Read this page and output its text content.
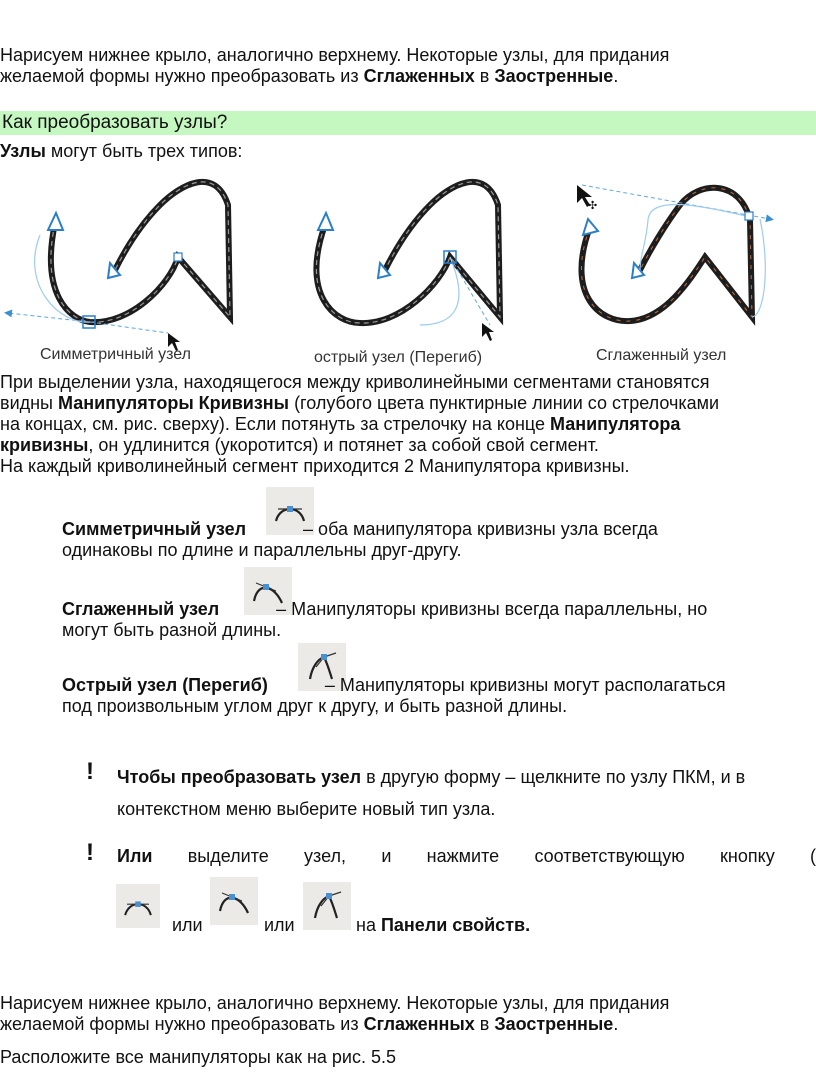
Нарисуем нижнее крыло, аналогично верхнему. Некоторые узлы, для придания

желаемой формы нужно преобразовать из Сглаженных в Заостренные.

Как преобразовать узлы?

Узлы могут быть трех типов:

✣
Симметричный узел	острый узел (Перегиб)	Сглаженный узел

При выделении узла, находящегося между криволинейными сегментами становятся

видны Манипуляторы Кривизны (голубого цвета пунктирные линии со стрелочками

на концах, см. рис. сверху). Если потянуть за стрелочку на конце Манипулятора

кривизны, он удлинится (укоротится) и потянет за собой свой сегмент.

На каждый криволинейный сегмент приходится 2 Манипулятора кривизны.

Симметричный узел	– оба манипулятора кривизны узла всегда

одинаковы по длине и параллельны друг-другу.

Сглаженный узел	– Манипуляторы кривизны всегда параллельны, но

могут быть разной длины.

Острый узел (Перегиб)	– Манипуляторы кривизны могут располагаться

под произвольным углом друг к другу, и быть разной длины.

! Чтобы преобразовать узел в другую форму – щелкните по узлу ПКМ, и в

контекстном меню выберите новый тип узла.

! Или выделите узел, и нажмите соответствующую кнопку (
или	или	на Панели свойств.

Нарисуем нижнее крыло, аналогично верхнему. Некоторые узлы, для придания

желаемой формы нужно преобразовать из Сглаженных в Заостренные.

Расположите все манипуляторы как на рис. 5.5
